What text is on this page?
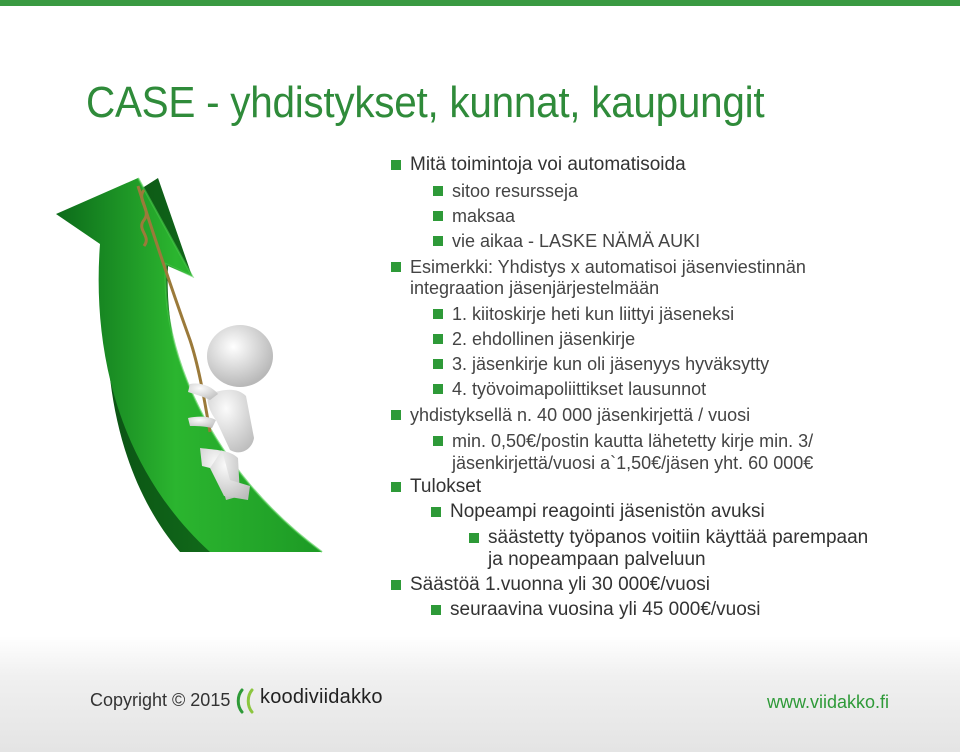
CASE - yhdistykset, kunnat, kaupungit
Mitä toimintoja voi automatisoida
sitoo resursseja
maksaa
vie aikaa - LASKE NÄMÄ AUKI
Esimerkki: Yhdistys x automatisoi jäsenviestinnän
integraation jäsenjärjestelmään
1. kiitoskirje heti kun liittyi jäseneksi
2. ehdollinen jäsenkirje
3. jäsenkirje kun oli jäsenyys hyväksytty
4. työvoimapoliittikset lausunnot
yhdistyksellä n. 40 000 jäsenkirjettä / vuosi
min. 0,50€/postin kautta lähetetty kirje min. 3/
jäsenkirjettä/vuosi a`1,50€/jäsen yht. 60 000€
Tulokset
Nopeampi reagointi jäsenistön avuksi
säästetty työpanos voitiin käyttää parempaan
ja nopeampaan palveluun
Säästöä 1.vuonna yli 30 000€/vuosi
seuraavina vuosina yli 45 000€/vuosi
Copyright © 2015 koodiviidakko	www.viidakko.fi
